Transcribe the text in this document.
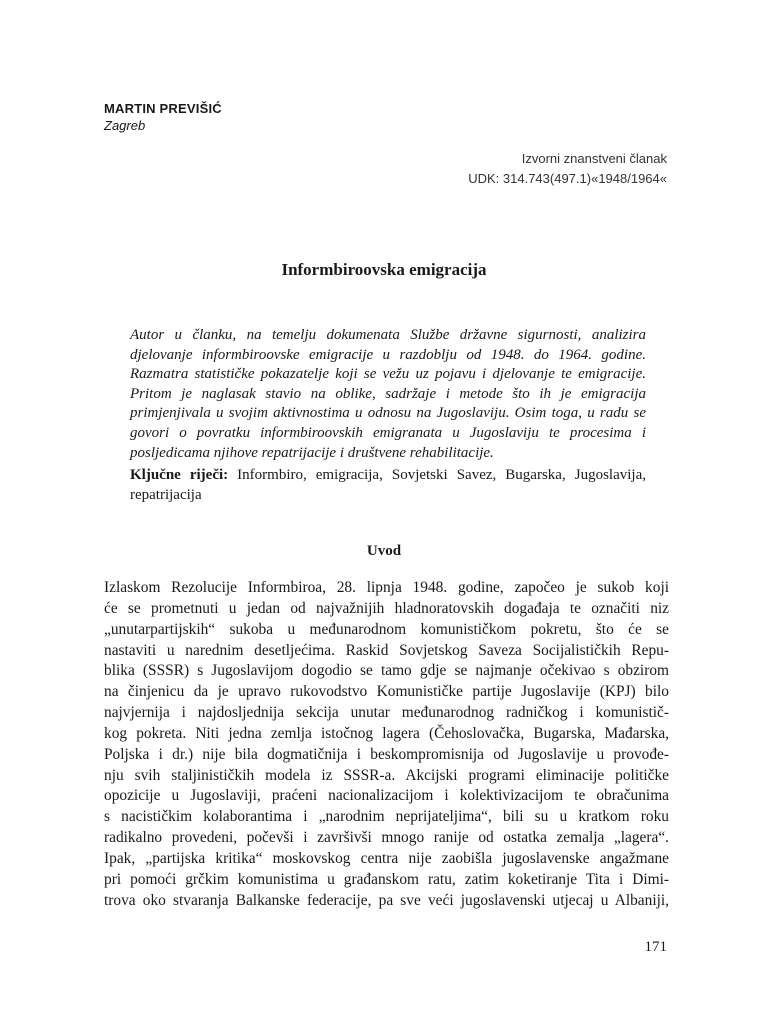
MARTIN PREVIŠIĆ
Zagreb
Izvorni znanstveni članak
UDK: 314.743(497.1)«1948/1964«
Informbiroovska emigracija

Autor u članku, na temelju dokumenata Službe državne sigurnosti, analizira djelovanje informbiroovske emigracije u razdoblju od 1948. do 1964. godine. Razmatra statističke pokazatelje koji se vežu uz pojavu i djelovanje te emigracije. Pritom je naglasak stavio na oblike, sadržaje i metode što ih je emigracija primjenjivala u svojim aktivnostima u odnosu na Jugoslaviju. Osim toga, u radu se govori o povratku informbiroovskih emigranata u Jugoslaviju te procesima i posljedicama njihove repatrijacije i društvene rehabilitacije.

Ključne riječi: Informbiro, emigracija, Sovjetski Savez, Bugarska, Jugoslavija, repatrijacija

Uvod
Izlaskom Rezolucije Informbiroa, 28. lipnja 1948. godine, započeo je sukob koji
će se prometnuti u jedan od najvažnijih hladnoratovskih događaja te označiti niz
„unutarpartijskih“ sukoba u međunarodnom komunističkom pokretu, što će se
nastaviti u narednim desetljećima. Raskid Sovjetskog Saveza Socijalističkih Repu-
blika (SSSR) s Jugoslavijom dogodio se tamo gdje se najmanje očekivao s obzirom
na činjenicu da je upravo rukovodstvo Komunističke partije Jugoslavije (KPJ) bilo
najvjernija i najdosljednija sekcija unutar međunarodnog radničkog i komunistič-
kog pokreta. Niti jedna zemlja istočnog lagera (Čehoslovačka, Bugarska, Mađarska,
Poljska i dr.) nije bila dogmatičnija i beskompromisnija od Jugoslavije u provođe-
nju svih staljinističkih modela iz SSSR-a. Akcijski programi eliminacije političke
opozicije u Jugoslaviji, praćeni nacionalizacijom i kolektivizacijom te obračunima
s nacističkim kolaborantima i „narodnim neprijateljima“, bili su u kratkom roku
radikalno provedeni, počevši i završivši mnogo ranije od ostatka zemalja „lagera“.
Ipak, „partijska kritika“ moskovskog centra nije zaobišla jugoslavenske angažmane
pri pomoći grčkim komunistima u građanskom ratu, zatim koketiranje Tita i Dimi-
trova oko stvaranja Balkanske federacije, pa sve veći jugoslavenski utjecaj u Albaniji,
171
